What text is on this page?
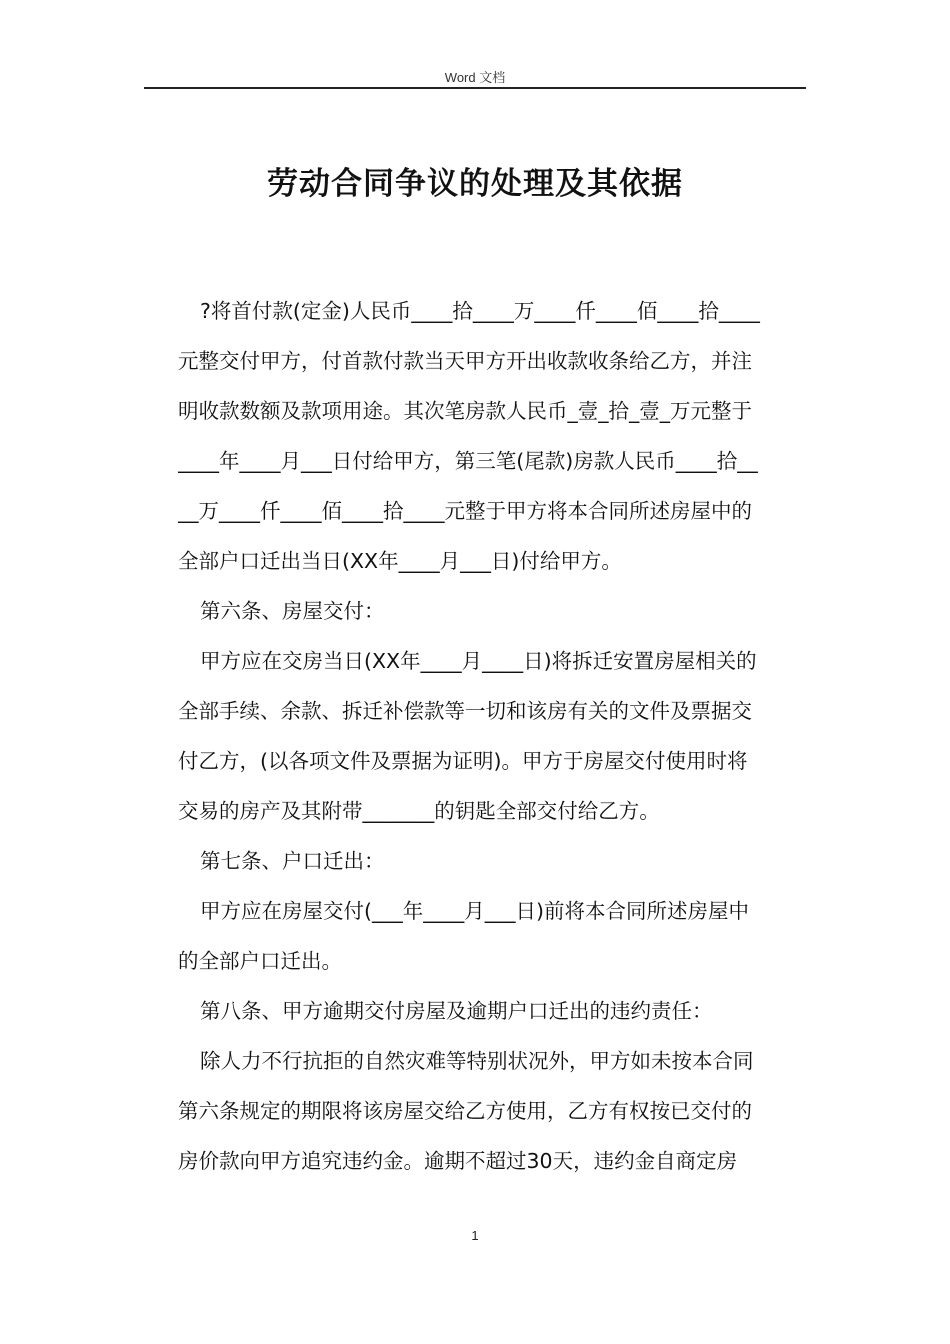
Word 文档
劳动合同争议的处理及其依据
?将首付款(定金)人民币____拾____万____仟____佰____拾____
元整交付甲方，付首款付款当天甲方开出收款收条给乙方，并注
明收款数额及款项用途。其次笔房款人民币_壹_拾_壹_万元整于
____年____月___日付给甲方，第三笔(尾款)房款人民币____拾__
__万____仟____佰____拾____元整于甲方将本合同所述房屋中的
全部户口迁出当日(XX年____月___日)付给甲方。
第六条、房屋交付：
甲方应在交房当日(XX年____月____日)将拆迁安置房屋相关的
全部手续、余款、拆迁补偿款等一切和该房有关的文件及票据交
付乙方，(以各项文件及票据为证明)。甲方于房屋交付使用时将
交易的房产及其附带_______的钥匙全部交付给乙方。
第七条、户口迁出：
甲方应在房屋交付(___年____月___日)前将本合同所述房屋中
的全部户口迁出。
第八条、甲方逾期交付房屋及逾期户口迁出的违约责任：
除人力不行抗拒的自然灾难等特别状况外，甲方如未按本合同
第六条规定的期限将该房屋交给乙方使用，乙方有权按已交付的
房价款向甲方追究违约金。逾期不超过30天，违约金自商定房
1
